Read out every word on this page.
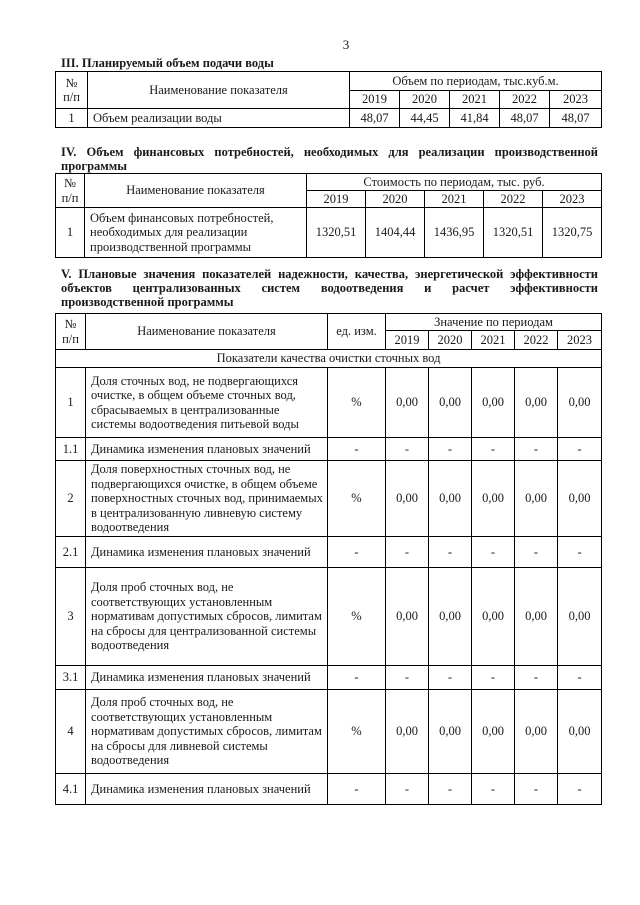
3
III. Планируемый объем подачи воды
№
п/п	Наименование показателя	Объем по периодам, тыс.куб.м.				
		2019	2020	2021	2022	2023
1	Объем реализации воды	48,07	44,45	41,84	48,07	48,07
IV. Объем финансовых потребностей, необходимых для реализации производственной программы
№
п/п	Наименование показателя	Стоимость по периодам, тыс. руб.				
		2019	2020	2021	2022	2023
1	Объем финансовых потребностей, необходимых для реализации производственной программы	1320,51	1404,44	1436,95	1320,51	1320,75
V. Плановые значения показателей надежности, качества, энергетической эффективности объектов централизованных систем водоотведения и расчет эффективности производственной программы
№
п/п	Наименование показателя	ед. изм.	Значение по периодам				
			2019	2020	2021	2022	2023
Показатели качества очистки сточных вод							
1	Доля сточных вод, не подвергающихся очистке, в общем объеме сточных вод, сбрасываемых в централизованные системы водоотведения питьевой воды	%	0,00	0,00	0,00	0,00	0,00
1.1	Динамика изменения плановых значений	-	-	-	-	-	-
2	Доля поверхностных сточных вод, не подвергающихся очистке, в общем объеме поверхностных сточных вод, принимаемых в централизованную ливневую систему водоотведения	%	0,00	0,00	0,00	0,00	0,00
2.1	Динамика изменения плановых значений	-	-	-	-	-	-
3	Доля проб сточных вод, не соответствующих установленным нормативам допустимых сбросов, лимитам на сбросы для централизованной системы водоотведения	%	0,00	0,00	0,00	0,00	0,00
3.1	Динамика изменения плановых значений	-	-	-	-	-	-
4	Доля проб сточных вод, не соответствующих установленным нормативам допустимых сбросов, лимитам на сбросы для ливневой системы водоотведения	%	0,00	0,00	0,00	0,00	0,00
4.1	Динамика изменения плановых значений	-	-	-	-	-	-
